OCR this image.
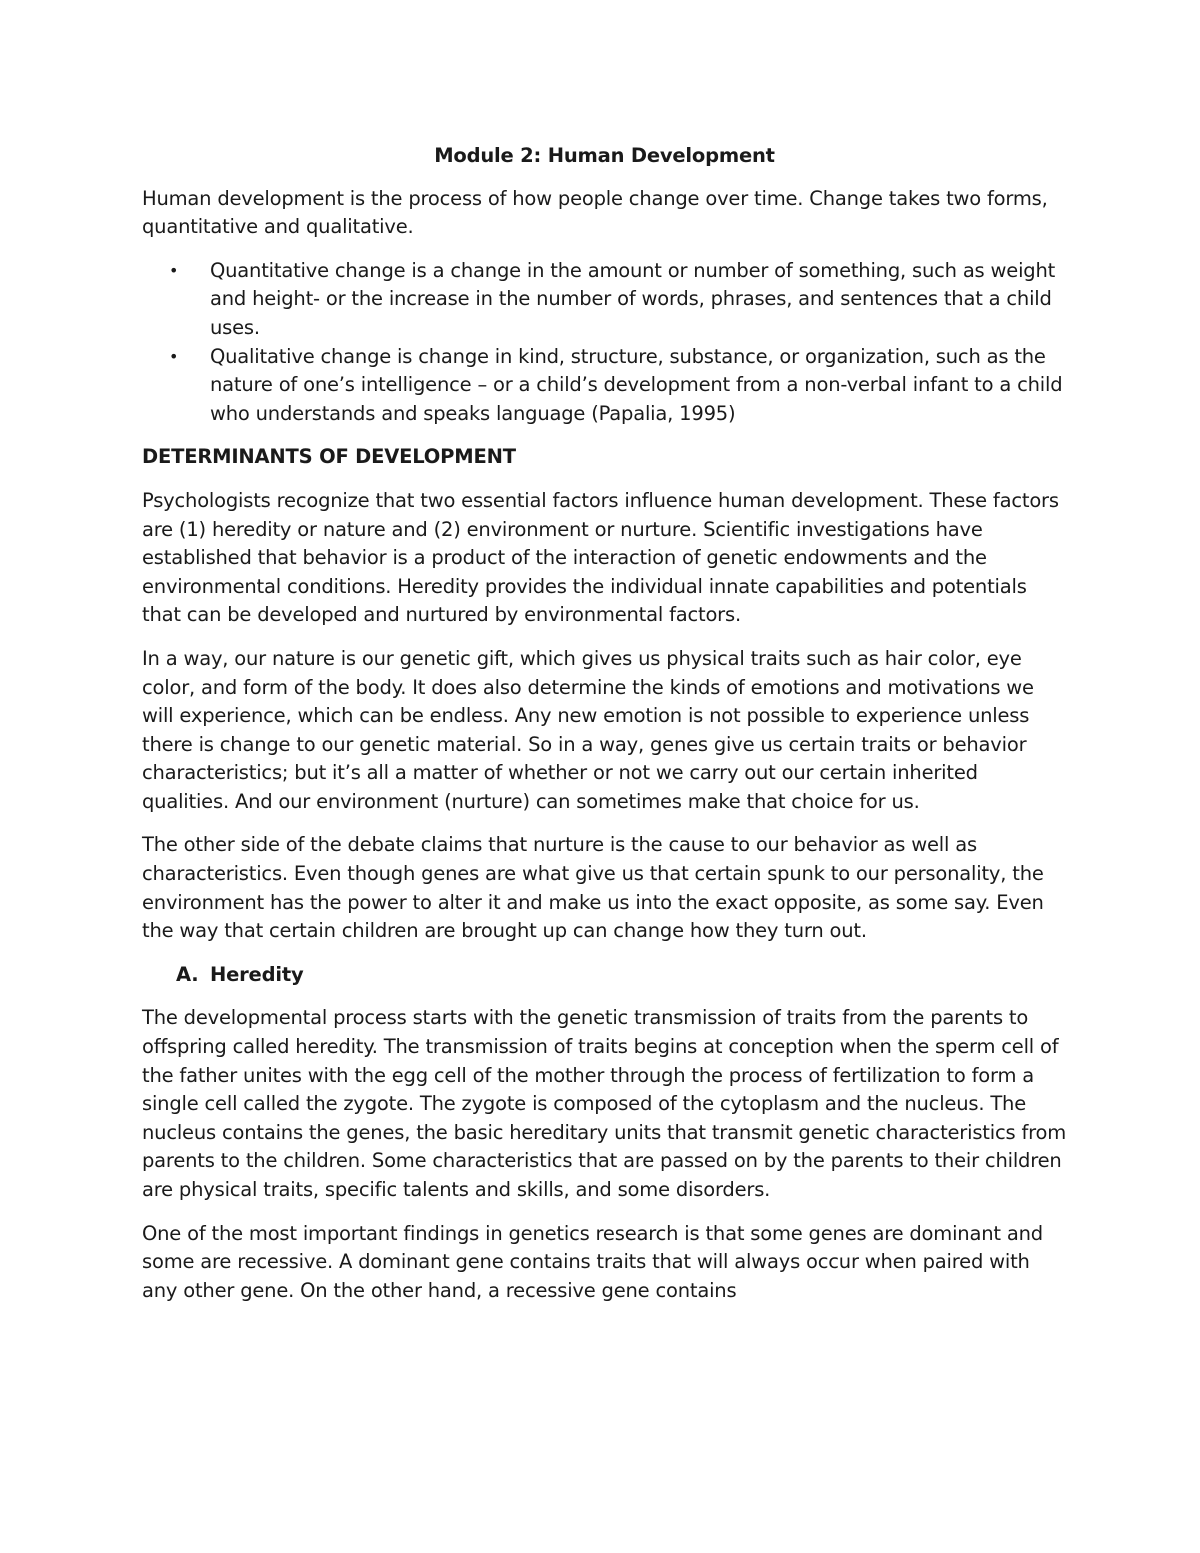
Module 2: Human Development

Human development is the process of how people change over time. Change takes two forms, quantitative and qualitative.

• Quantitative change is a change in the amount or number of something, such as weight and height- or the increase in the number of words, phrases, and sentences that a child uses.
• Qualitative change is change in kind, structure, substance, or organization, such as the nature of one’s intelligence – or a child’s development from a non-verbal infant to a child who understands and speaks language (Papalia, 1995)
DETERMINANTS OF DEVELOPMENT

Psychologists recognize that two essential factors influence human development. These factors are (1) heredity or nature and (2) environment or nurture. Scientific investigations have established that behavior is a product of the interaction of genetic endowments and the environmental conditions. Heredity provides the individual innate capabilities and potentials that can be developed and nurtured by environmental factors.

In a way, our nature is our genetic gift, which gives us physical traits such as hair color, eye color, and form of the body. It does also determine the kinds of emotions and motivations we will experience, which can be endless. Any new emotion is not possible to experience unless there is change to our genetic material. So in a way, genes give us certain traits or behavior characteristics; but it’s all a matter of whether or not we carry out our certain inherited qualities. And our environment (nurture) can sometimes make that choice for us.

The other side of the debate claims that nurture is the cause to our behavior as well as characteristics. Even though genes are what give us that certain spunk to our personality, the environment has the power to alter it and make us into the exact opposite, as some say. Even the way that certain children are brought up can change how they turn out.

A. Heredity

The developmental process starts with the genetic transmission of traits from the parents to offspring called heredity. The transmission of traits begins at conception when the sperm cell of the father unites with the egg cell of the mother through the process of fertilization to form a single cell called the zygote. The zygote is composed of the cytoplasm and the nucleus. The nucleus contains the genes, the basic hereditary units that transmit genetic characteristics from parents to the children. Some characteristics that are passed on by the parents to their children are physical traits, specific talents and skills, and some disorders.

One of the most important findings in genetics research is that some genes are dominant and some are recessive. A dominant gene contains traits that will always occur when paired with any other gene. On the other hand, a recessive gene contains
